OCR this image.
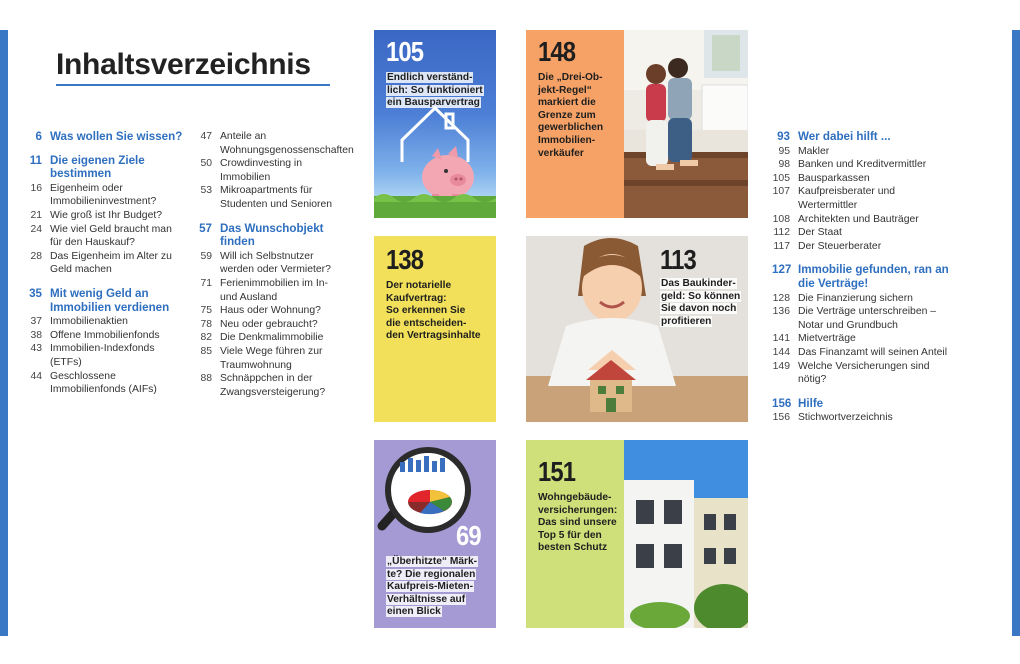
Inhaltsverzeichnis
6 Was wollen Sie wissen?
11 Die eigenen Ziele bestimmen
16 Eigenheim oder Immobilieninvestment?
21 Wie groß ist Ihr Budget?
24 Wie viel Geld braucht man für den Hauskauf?
28 Das Eigenheim im Alter zu Geld machen
35 Mit wenig Geld an Immobilien verdienen
37 Immobilienaktien
38 Offene Immobilienfonds
43 Immobilien-Indexfonds (ETFs)
44 Geschlossene Immobilienfonds (AIFs)
47 Anteile an Wohnungsgenossenschaften
50 Crowdinvesting in Immobilien
53 Mikroapartments für Studenten und Senioren
57 Das Wunschobjekt finden
59 Will ich Selbstnutzer werden oder Vermieter?
71 Ferienimmobilien im In- und Ausland
75 Haus oder Wohnung?
78 Neu oder gebraucht?
82 Die Denkmalimmobilie
85 Viele Wege führen zur Traumwohnung
88 Schnäppchen in der Zwangsversteigerung?
93 Wer dabei hilft ...
95 Makler
98 Banken und Kreditvermittler
105 Bausparkassen
107 Kaufpreisberater und Wertermittler
108 Architekten und Bauträger
112 Der Staat
117 Der Steuerberater
127 Immobilie gefunden, ran an die Verträge!
128 Die Finanzierung sichern
136 Die Verträge unterschreiben – Notar und Grundbuch
141 Mietverträge
144 Das Finanzamt will seinen Anteil
149 Welche Versicherungen sind nötig?
156 Hilfe
156 Stichwortverzeichnis
105
Endlich verständ-
lich: So funktioniert
ein Bausparvertrag
148
Die „Drei-Ob-
jekt-Regel“
markiert die
Grenze zum
gewerblichen
Immobilien-
verkäufer
138
Der notarielle
Kaufvertrag:
So erkennen Sie
die entscheiden-
den Vertragsinhalte
113
Das Baukinder-
geld: So können
Sie davon noch
profitieren
69
„Überhitzte“ Märk-
te? Die regionalen
Kaufpreis-Mieten-
Verhältnisse auf
einen Blick
151
Wohngebäude-
versicherungen:
Das sind unsere
Top 5 für den
besten Schutz
